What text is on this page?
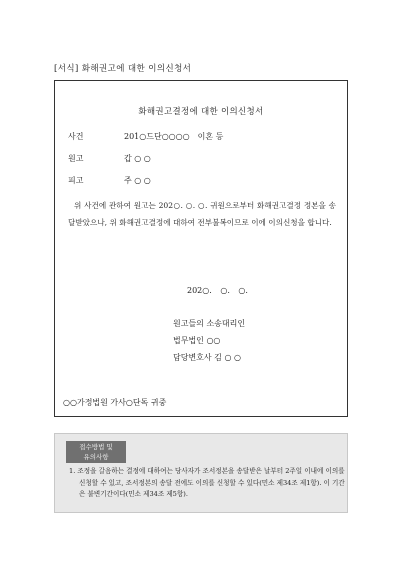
[서식] 화해권고에 대한 이의신청서
화해권고결정에 대한 이의신청서
사건	201○드단○○○○ 이혼 등
원고	갑 ○ ○
피고	주 ○ ○
위 사건에 관하여 원고는 202○. ○. ○. 귀원으로부터 화해권고결정 정본을 송달받았으나, 위 화해권고결정에 대하여 전부불복이므로 이에 이의신청을 합니다.
202○. ○. ○.
원고들의 소송대리인
법무법인 ○○
담당변호사 김 ○ ○
○○가정법원 가사○단독 귀중
접수방법 및
유의사항
1. 조정을 갈음하는 결정에 대하여는 당사자가 조서정본을 송달받은 날부터 2주일 이내에 이의를 신청할 수 있고, 조서정본의 송달 전에도 이의를 신청할 수 있다(민소 제34조 제1항). 이 기간은 불변기간이다(민소 제34조 제5항).
